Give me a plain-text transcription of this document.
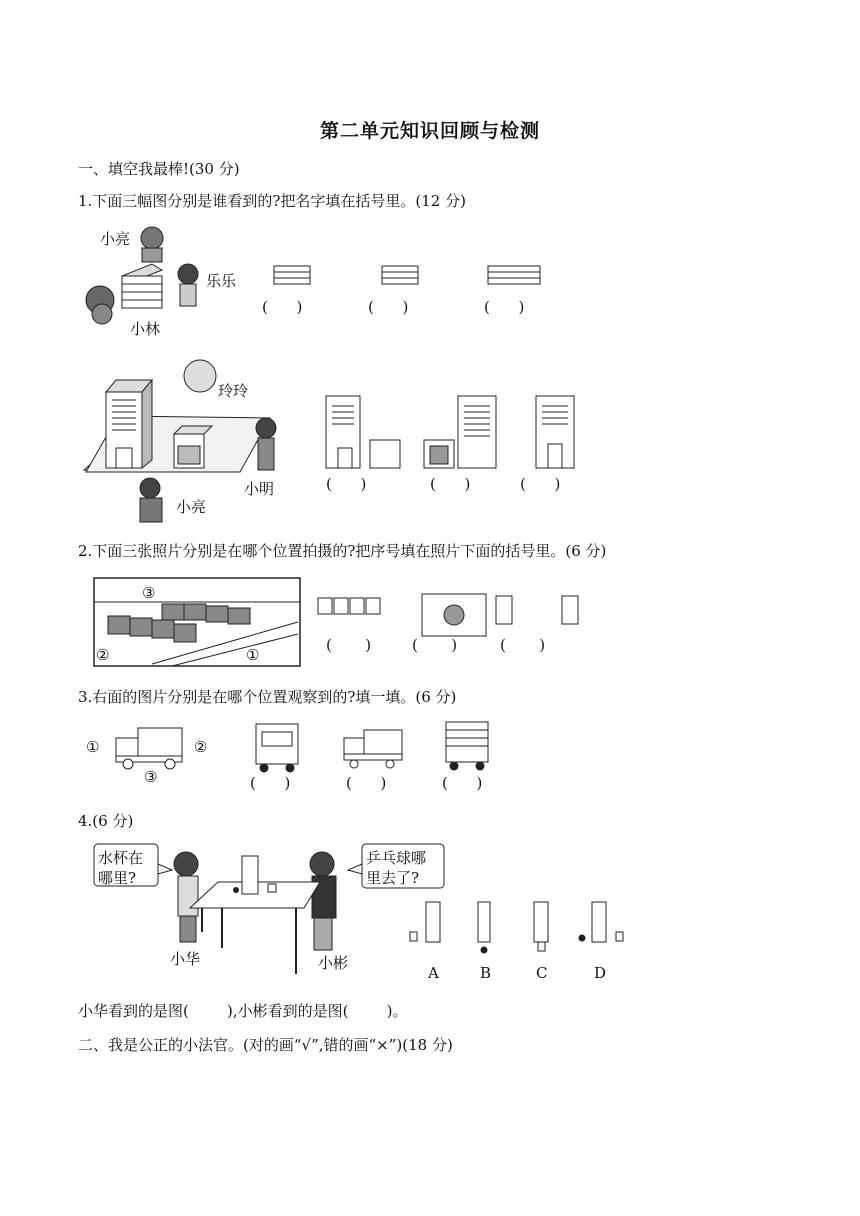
第二单元知识回顾与检测
一、填空我最棒!(30 分)
1.下面三幅图分别是谁看到的?把名字填在括号里。(12 分)
小亮
乐乐
小林
(      )	(      )	(      )
玲玲
小明
小亮
(      )	(      )	(      )
2.下面三张照片分别是在哪个位置拍摄的?把序号填在照片下面的括号里。(6 分)
③
②	①
(       )	(       )	(       )
3.右面的图片分别是在哪个位置观察到的?填一填。(6 分)
①	②
③	(      )	(      )	(      )
4.(6 分)
水杯在
哪里?
乒乓球哪
里去了?
小华	小彬
A	B	C	D
小华看到的是图(        ),小彬看到的是图(        )。
二、我是公正的小法官。(对的画“√”,错的画“×”)(18 分)
